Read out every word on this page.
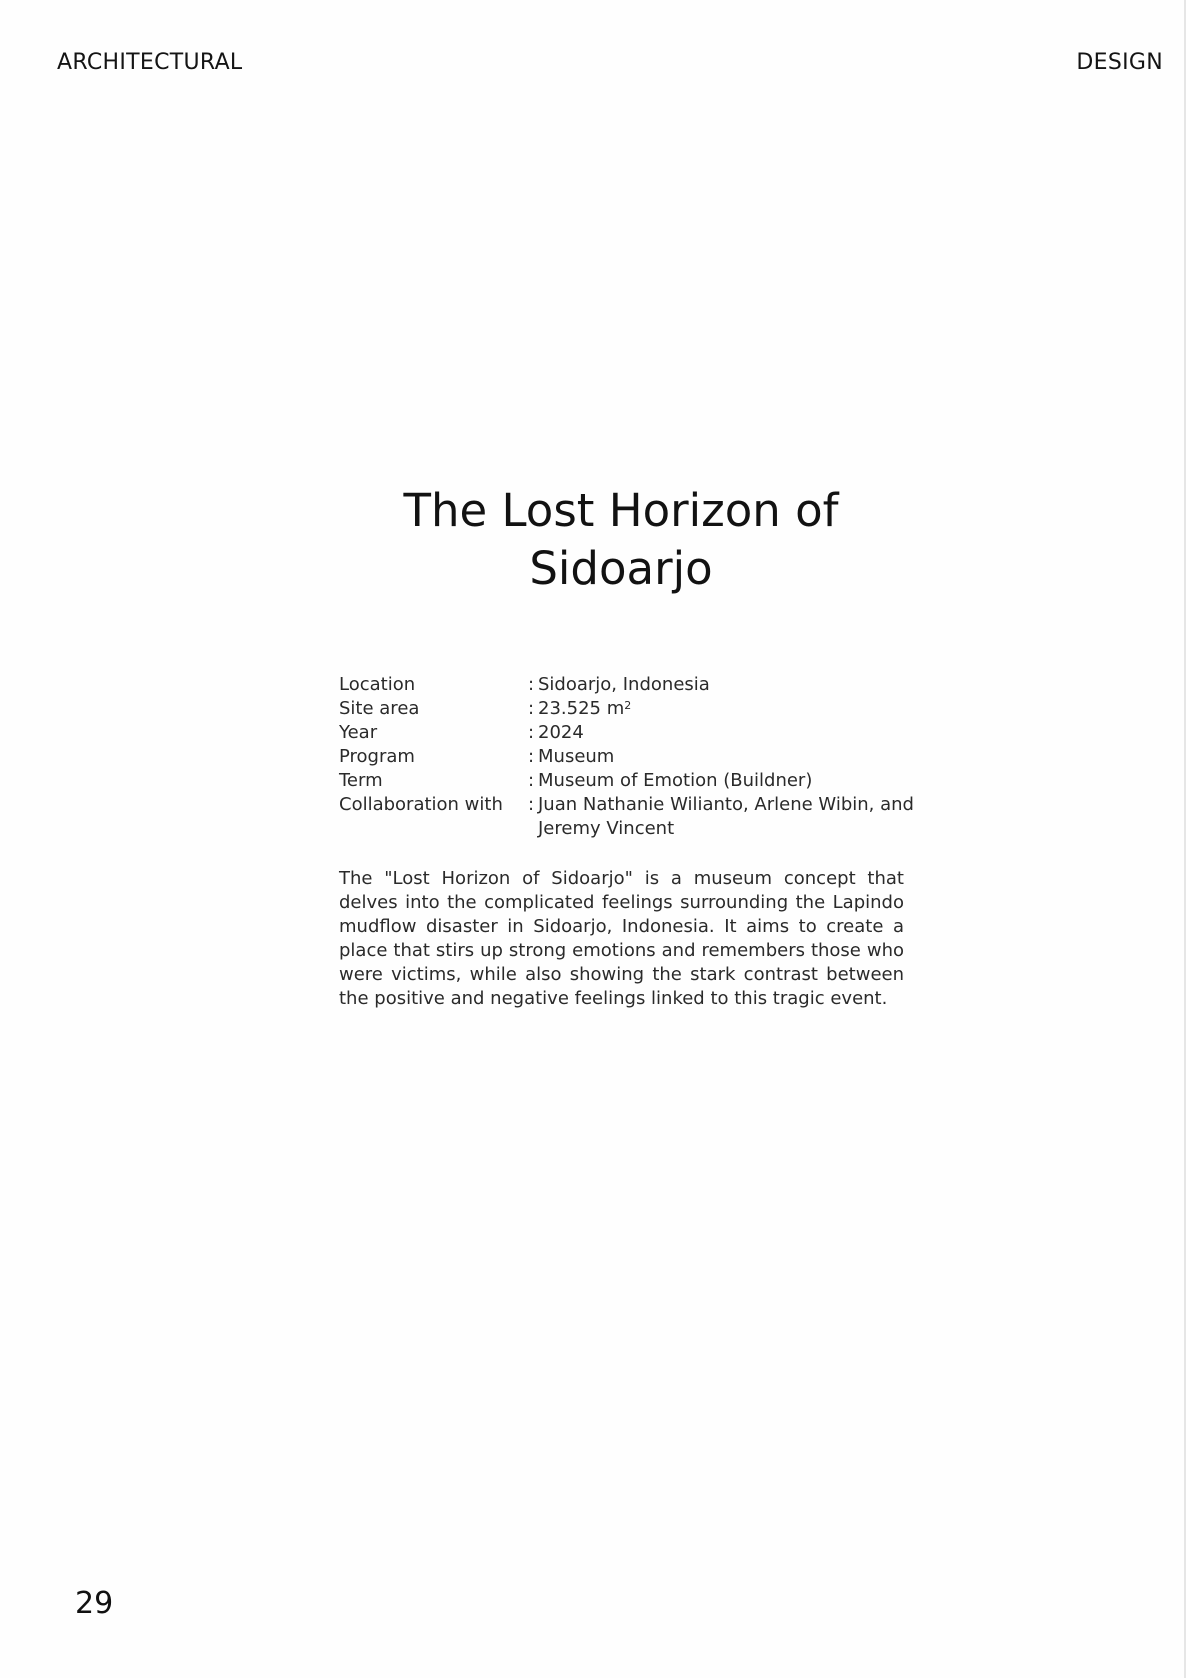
ARCHITECTURAL	DESIGN
The Lost Horizon of
Sidoarjo
Location	: Sidoarjo, Indonesia
Site area	: 23.525 $m^2$
Year	: 2024
Program	: Museum
Term	: Museum of Emotion (Buildner)
Collaboration with	: Juan Nathanie Wilianto, Arlene Wibin, and Jeremy Vincent

The "Lost Horizon of Sidoarjo" is a museum concept that delves into the complicated feelings surrounding the Lapindo mudflow disaster in Sidoarjo, Indonesia. It aims to create a place that stirs up strong emotions and remembers those who were victims, while also showing the stark contrast between the positive and negative feelings linked to this tragic event.

29
